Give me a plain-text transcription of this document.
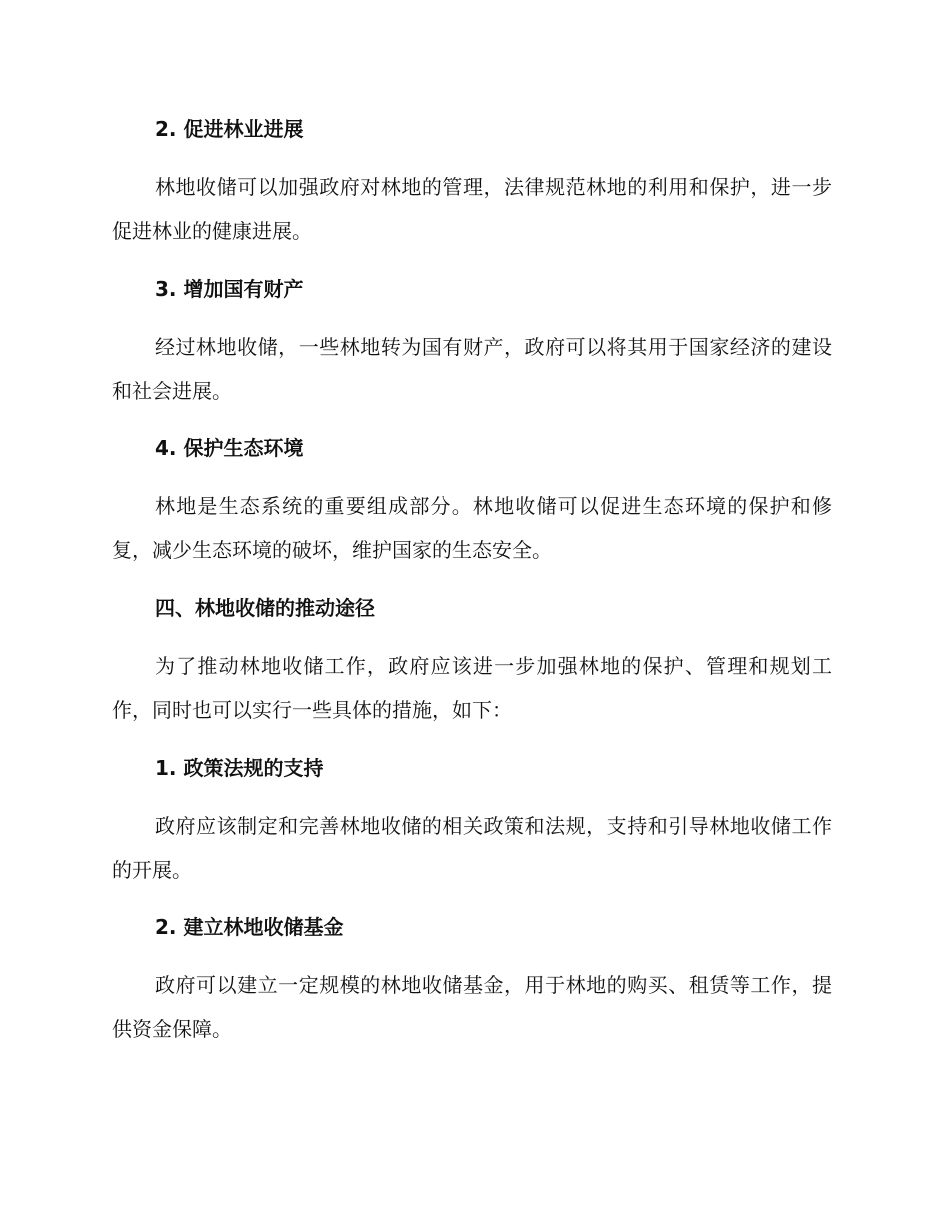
2. 促进林业进展

林地收储可以加强政府对林地的管理，法律规范林地的利用和保护，进一步促进林业的健康进展。

3. 增加国有财产

经过林地收储，一些林地转为国有财产，政府可以将其用于国家经济的建设和社会进展。

4. 保护生态环境

林地是生态系统的重要组成部分。林地收储可以促进生态环境的保护和修复，减少生态环境的破坏，维护国家的生态安全。

四、林地收储的推动途径

为了推动林地收储工作，政府应该进一步加强林地的保护、管理和规划工作，同时也可以实行一些具体的措施，如下：

1. 政策法规的支持

政府应该制定和完善林地收储的相关政策和法规，支持和引导林地收储工作的开展。

2. 建立林地收储基金

政府可以建立一定规模的林地收储基金，用于林地的购买、租赁等工作，提供资金保障。
